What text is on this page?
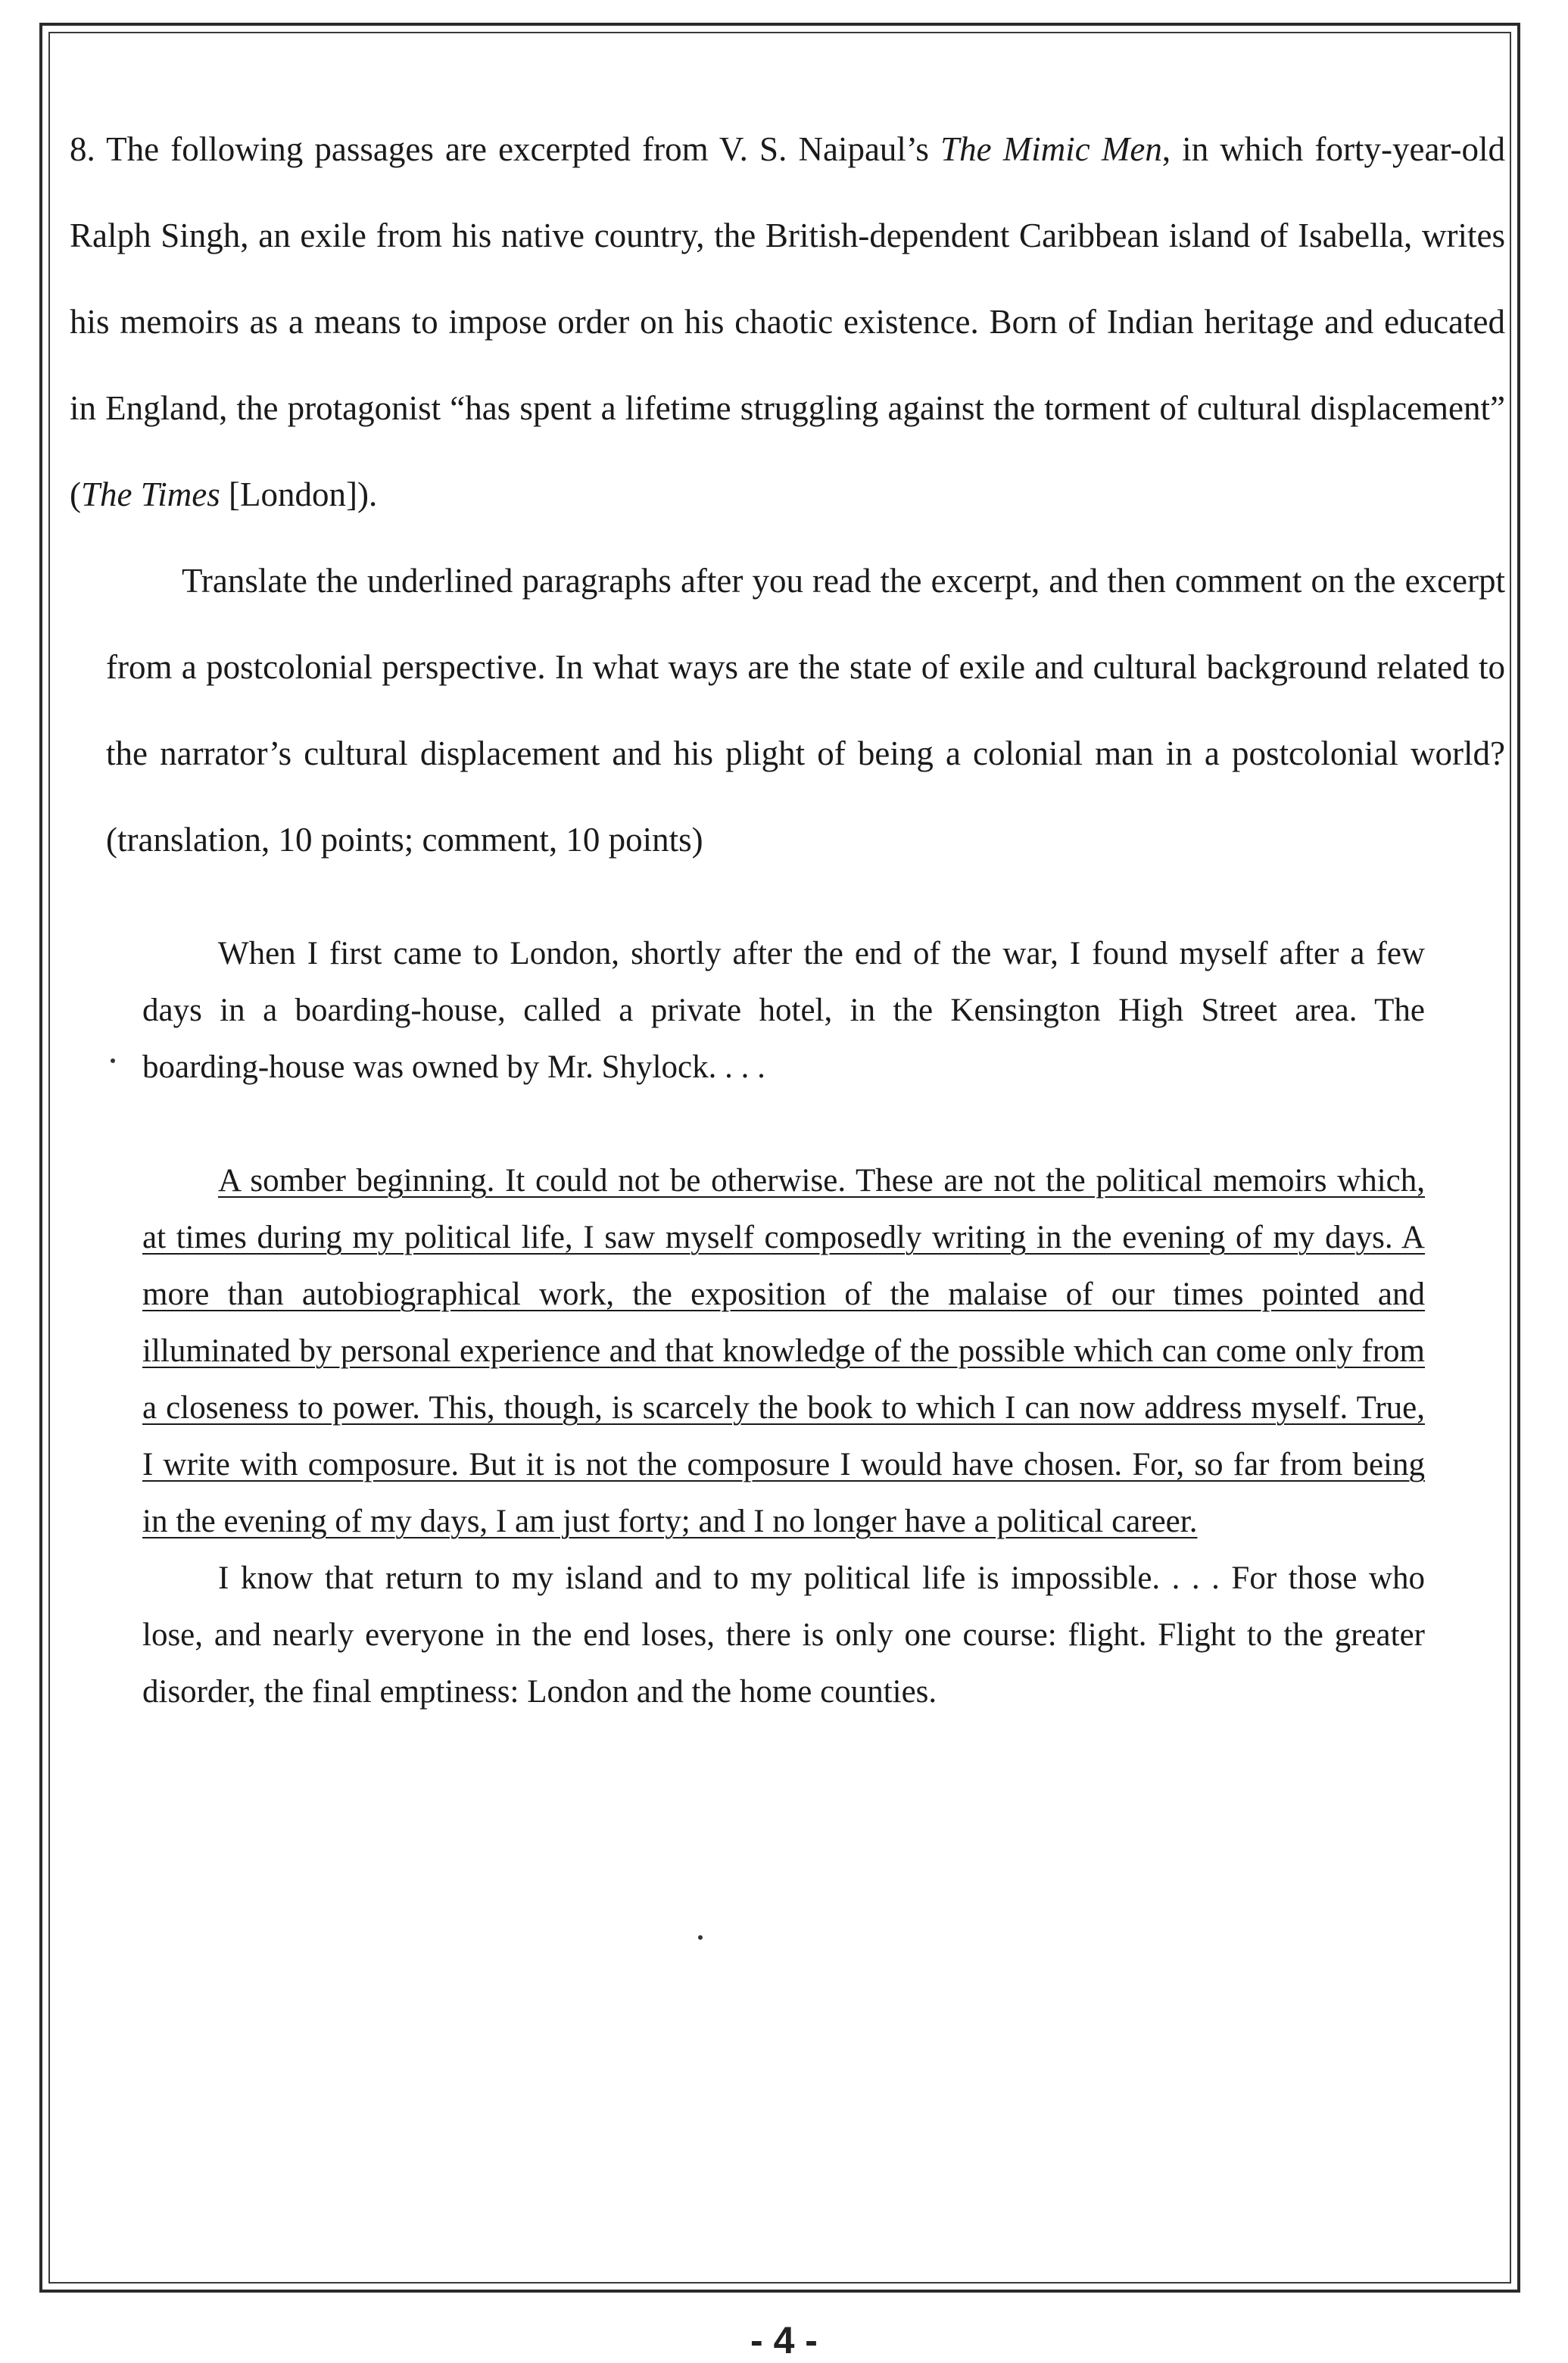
8. The following passages are excerpted from V. S. Naipaul’s The Mimic Men, in which forty-year-old Ralph Singh, an exile from his native country, the British-dependent Caribbean island of Isabella, writes his memoirs as a means to impose order on his chaotic existence. Born of Indian heritage and educated in England, the protagonist “has spent a lifetime struggling against the torment of cultural displacement” (The Times [London]).

Translate the underlined paragraphs after you read the excerpt, and then comment on the excerpt from a postcolonial perspective. In what ways are the state of exile and cultural background related to the narrator’s cultural displacement and his plight of being a colonial man in a postcolonial world? (translation, 10 points; comment, 10 points)

When I first came to London, shortly after the end of the war, I found myself after a few days in a boarding-house, called a private hotel, in the Kensington High Street area. The boarding-house was owned by Mr. Shylock. . . .

A somber beginning. It could not be otherwise. These are not the political memoirs which, at times during my political life, I saw myself composedly writing in the evening of my days. A more than autobiographical work, the exposition of the malaise of our times pointed and illuminated by personal experience and that knowledge of the possible which can come only from a closeness to power. This, though, is scarcely the book to which I can now address myself. True, I write with composure. But it is not the composure I would have chosen. For, so far from being in the evening of my days, I am just forty; and I no longer have a political career.

I know that return to my island and to my political life is impossible. . . . For those who lose, and nearly everyone in the end loses, there is only one course: flight. Flight to the greater disorder, the final emptiness: London and the home counties.

- 4 -
